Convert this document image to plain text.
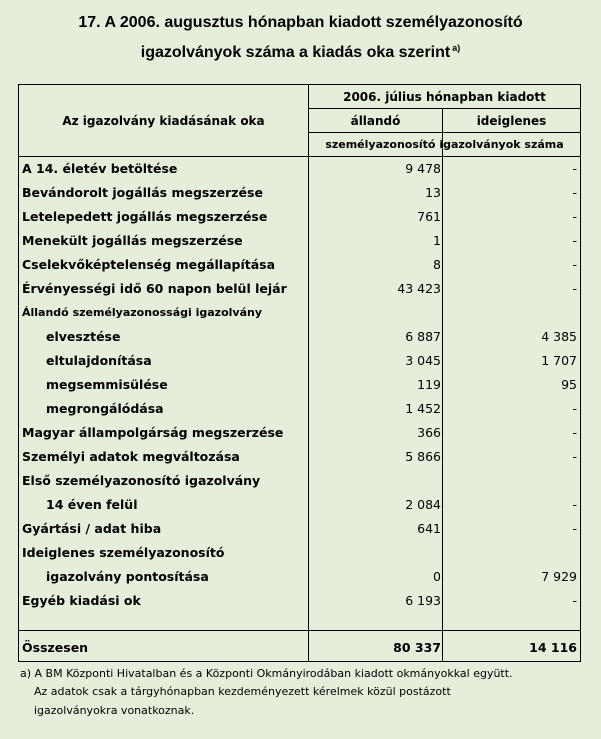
17. A 2006. augusztus hónapban kiadott személyazonosító
igazolványok száma a kiadás oka szerint $^{a)}$
Az igazolvány kiadásának oka
2006. július hónapban kiadott
állandó	ideiglenes
személyazonosító igazolványok száma
A 14. életév betöltése	9 478	-
Bevándorolt jogállás megszerzése	13	-
Letelepedett jogállás megszerzése	761	-
Menekült jogállás megszerzése	1	-
Cselekvőképtelenség megállapítása	8	-
Érvényességi idő 60 napon belül lejár	43 423	-
Állandó személyazonossági igazolvány
elvesztése	6 887	4 385
eltulajdonítása	3 045	1 707
megsemmisülése	119	95
megrongálódása	1 452	-
Magyar állampolgárság megszerzése	366	-
Személyi adatok megváltozása	5 866	-
Első személyazonosító igazolvány
14 éven felül	2 084	-
Gyártási / adat hiba	641	-
Ideiglenes személyazonosító
igazolvány pontosítása	0	7 929
Egyéb kiadási ok	6 193	-
Összesen	80 337	14 116
a) A BM Központi Hivatalban és a Központi Okmányirodában kiadott okmányokkal együtt.
Az adatok csak a tárgyhónapban kezdeményezett kérelmek közül postázott
igazolványokra vonatkoznak.
